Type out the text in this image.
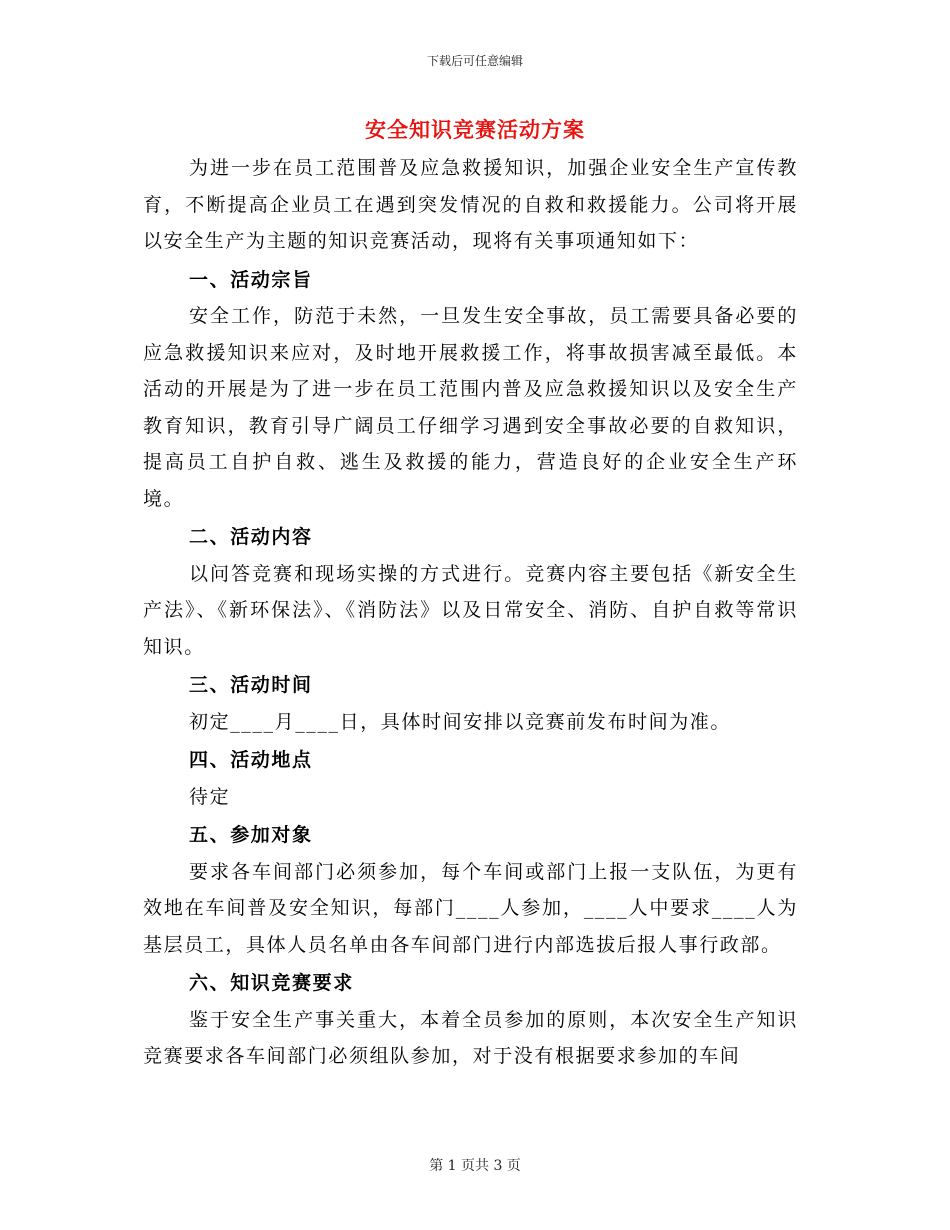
下载后可任意编辑
安全知识竞赛活动方案

为进一步在员工范围普及应急救援知识，加强企业安全生产宣传教育，不断提高企业员工在遇到突发情况的自救和救援能力。公司将开展以安全生产为主题的知识竞赛活动，现将有关事项通知如下：

一、活动宗旨

安全工作，防范于未然，一旦发生安全事故，员工需要具备必要的应急救援知识来应对，及时地开展救援工作，将事故损害减至最低。本活动的开展是为了进一步在员工范围内普及应急救援知识以及安全生产教育知识，教育引导广阔员工仔细学习遇到安全事故必要的自救知识，提高员工自护自救、逃生及救援的能力，营造良好的企业安全生产环境。

二、活动内容

以问答竞赛和现场实操的方式进行。竞赛内容主要包括《新安全生产法》、《新环保法》、《消防法》以及日常安全、消防、自护自救等常识知识。

三、活动时间

初定____月____日，具体时间安排以竞赛前发布时间为准。

四、活动地点

待定

五、参加对象

要求各车间部门必须参加，每个车间或部门上报一支队伍，为更有效地在车间普及安全知识，每部门____人参加，____人中要求____人为基层员工，具体人员名单由各车间部门进行内部选拔后报人事行政部。

六、知识竞赛要求

鉴于安全生产事关重大，本着全员参加的原则，本次安全生产知识竞赛要求各车间部门必须组队参加，对于没有根据要求参加的车间

第 1 页共 3 页
